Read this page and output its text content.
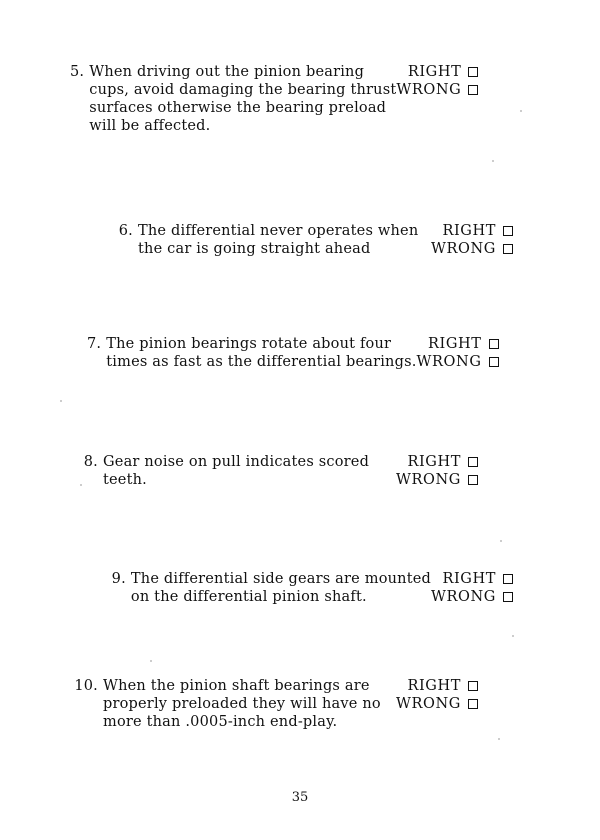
5. When driving out the pinion bearing
cups, avoid damaging the bearing thrust
surfaces otherwise the bearing preload
will be affected.
RIGHT
WRONG
6. The differential never operates when
the car is going straight ahead
RIGHT
WRONG
7. The pinion bearings rotate about four
times as fast as the differential bearings.
RIGHT
WRONG
8. Gear noise on pull indicates scored
teeth.
RIGHT
WRONG
9. The differential side gears are mounted
on the differential pinion shaft.
RIGHT
WRONG
10. When the pinion shaft bearings are
properly preloaded they will have no
more than .0005-inch end-play.
RIGHT
WRONG
35
